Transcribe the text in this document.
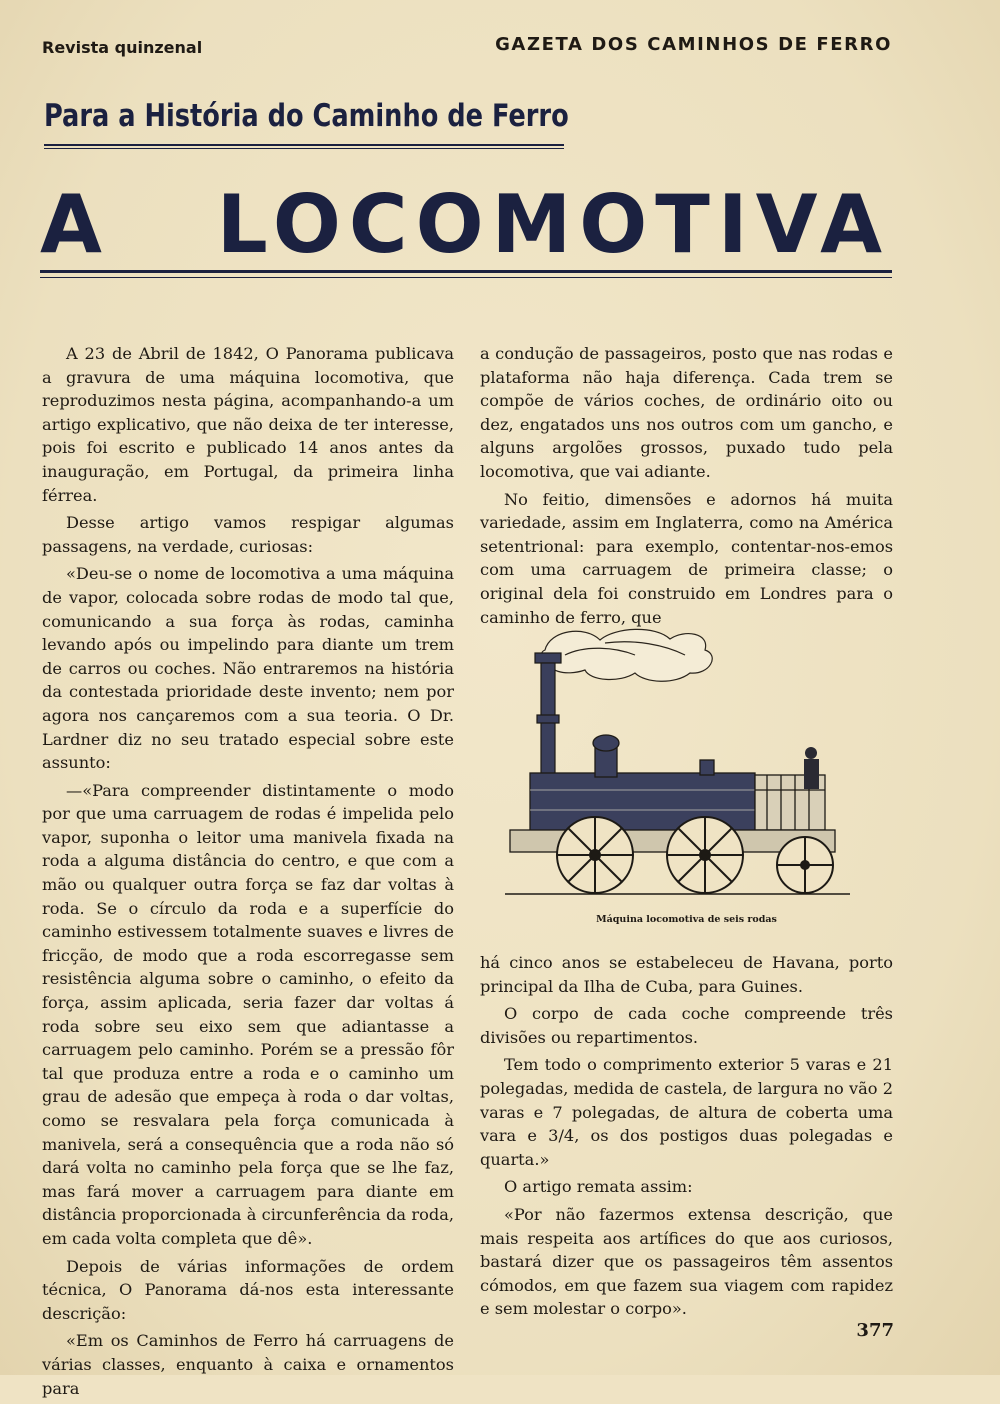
Revista quinzenal	GAZETA DOS CAMINHOS DE FERRO
Para a História do Caminho de Ferro
A LOCOMOTIVA

A 23 de Abril de 1842, O Panorama publicava a gravura de uma máquina locomotiva, que reproduzimos nesta página, acompanhando-a um artigo explicativo, que não deixa de ter interesse, pois foi escrito e publicado 14 anos antes da inauguração, em Portugal, da primeira linha férrea.

Desse artigo vamos respigar algumas passagens, na verdade, curiosas:

«Deu-se o nome de locomotiva a uma máquina de vapor, colocada sobre rodas de modo tal que, comunicando a sua força às rodas, caminha levando após ou impelindo para diante um trem de carros ou coches. Não entraremos na história da contestada prioridade deste invento; nem por agora nos cançaremos com a sua teoria. O Dr. Lardner diz no seu tratado especial sobre este assunto:

—«Para compreender distintamente o modo por que uma carruagem de rodas é impelida pelo vapor, suponha o leitor uma manivela fixada na roda a alguma distância do centro, e que com a mão ou qualquer outra força se faz dar voltas à roda. Se o círculo da roda e a superfície do caminho estivessem totalmente suaves e livres de fricção, de modo que a roda escorregasse sem resistência alguma sobre o caminho, o efeito da força, assim aplicada, seria fazer dar voltas á roda sobre seu eixo sem que adiantasse a carruagem pelo caminho. Porém se a pressão fôr tal que produza entre a roda e o caminho um grau de adesão que empeça à roda o dar voltas, como se resvalara pela força comunicada à manivela, será a consequência que a roda não só dará volta no caminho pela força que se lhe faz, mas fará mover a carruagem para diante em distância proporcionada à circunferência da roda, em cada volta completa que dê».

Depois de várias informações de ordem técnica, O Panorama dá-nos esta interessante descrição:

«Em os Caminhos de Ferro há carruagens de várias classes, enquanto à caixa e ornamentos para

a condução de passageiros, posto que nas rodas e plataforma não haja diferença. Cada trem se compõe de vários coches, de ordinário oito ou dez, engatados uns nos outros com um gancho, e alguns argolões grossos, puxado tudo pela locomotiva, que vai adiante.

No feitio, dimensões e adornos há muita variedade, assim em Inglaterra, como na América setentrional: para exemplo, contentar-nos-emos com uma carruagem de primeira classe; o original dela foi construido em Londres para o caminho de ferro, que

Máquina locomotiva de seis rodas

há cinco anos se estabeleceu de Havana, porto principal da Ilha de Cuba, para Guines.

O corpo de cada coche compreende três divisões ou repartimentos.

Tem todo o comprimento exterior 5 varas e 21 polegadas, medida de castela, de largura no vão 2 varas e 7 polegadas, de altura de coberta uma vara e 3/4, os dos postigos duas polegadas e quarta.»

O artigo remata assim:

«Por não fazermos extensa descrição, que mais respeita aos artífices do que aos curiosos, bastará dizer que os passageiros têm assentos cómodos, em que fazem sua viagem com rapidez e sem molestar o corpo».

377
